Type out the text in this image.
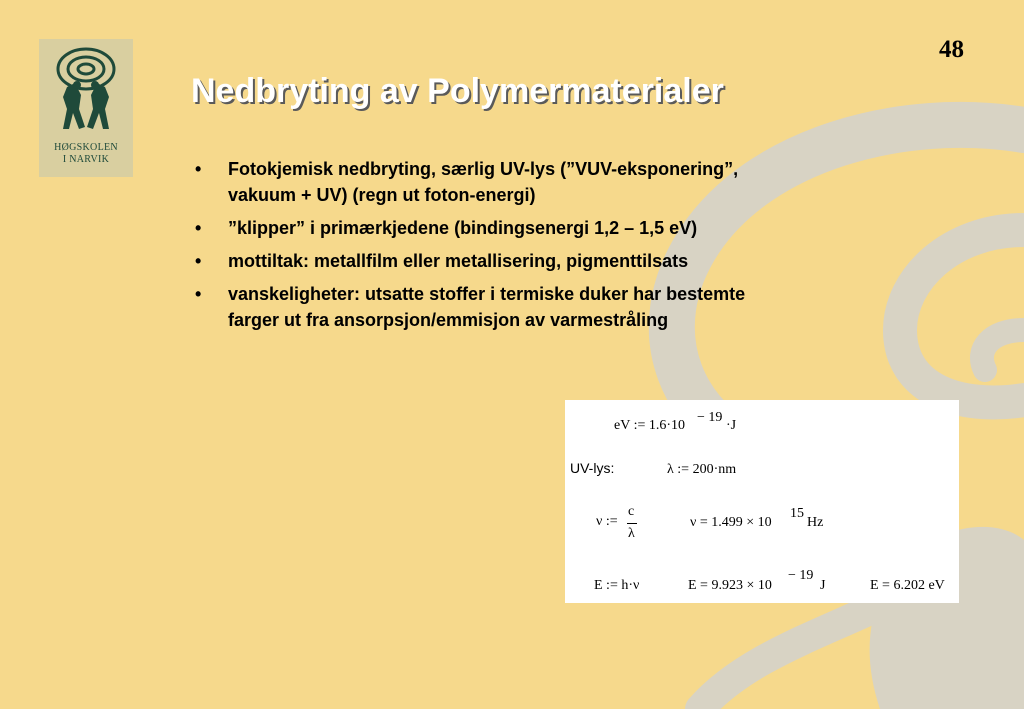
HØGSKOLEN
I NARVIK
48
Nedbryting av Polymermaterialer
• Fotokjemisk nedbryting, særlig UV-lys (”VUV-eksponering”,
vakuum + UV) (regn ut foton-energi)
• ”klipper” i primærkjedene (bindingsenergi 1,2 – 1,5 eV)
• mottiltak: metallfilm eller metallisering, pigmenttilsats
• vanskeligheter: utsatte stoffer i termiske duker har bestemte
farger ut fra ansorpsjon/emmisjon av varmestråling
eV := 1.6·10
− 19
·J
UV-lys:	λ := 200·nm
ν :=
c
λ
ν = 1.499 × 10
15
Hz
E := h·ν	E = 9.923 × 10
− 19
J	E = 6.202 eV
